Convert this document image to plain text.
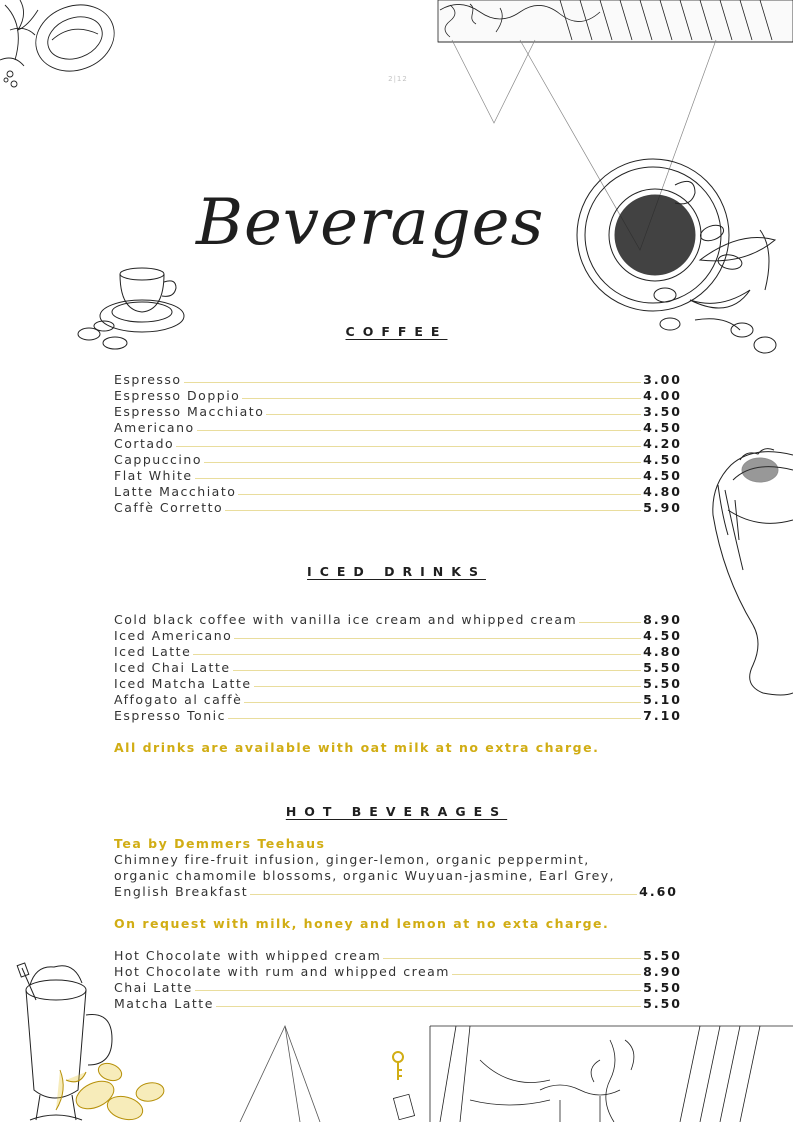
2|12
Beverages
COFFEE
Espresso	3.00
Espresso Doppio	4.00
Espresso Macchiato	3.50
Americano	4.50
Cortado	4.20
Cappuccino	4.50
Flat White	4.50
Latte Macchiato	4.80
Caffè Corretto	5.90
ICED DRINKS
Cold black coffee with vanilla ice cream and whipped cream	8.90
Iced Americano	4.50
Iced Latte	4.80
Iced Chai Latte	5.50
Iced Matcha Latte	5.50
Affogato al caffè	5.10
Espresso Tonic	7.10
All drinks are available with oat milk at no extra charge.
HOT BEVERAGES
Tea by Demmers Teehaus
Chimney fire-fruit infusion, ginger-lemon, organic peppermint, organic chamomile blossoms, organic Wuyuan-jasmine, Earl Grey,
English Breakfast	4.60
On request with milk, honey and lemon at no exta charge.
Hot Chocolate with whipped cream	5.50
Hot Chocolate with rum and whipped cream	8.90
Chai Latte	5.50
Matcha Latte	5.50
